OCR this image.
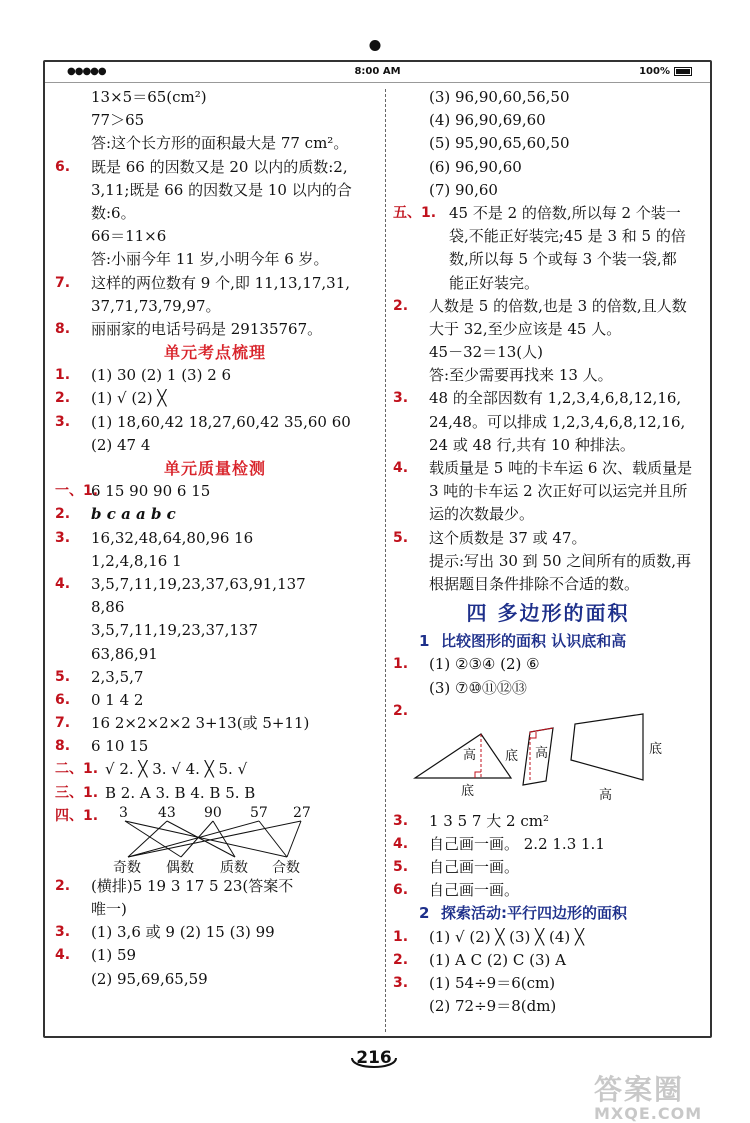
●●●●●	8:00 AM	100%
13×5＝65(cm²)
77＞65
答:这个长方形的面积最大是 77 cm²。
6. 既是 66 的因数又是 20 以内的质数:2,
3,11;既是 66 的因数又是 10 以内的合
数:6。
66＝11×6
答:小丽今年 11 岁,小明今年 6 岁。
7. 这样的两位数有 9 个,即 11,13,17,31,
37,71,73,79,97。
8. 丽丽家的电话号码是 29135767。
单元考点梳理
1. (1) 30 (2) 1 (3) 2 6
2. (1) √ (2) ╳
3. (1) 18,60,42 18,27,60,42 35,60 60
(2) 47 4
单元质量检测
一、1.
6 15 90 90 6 15
2. b c a a b c
3. 16,32,48,64,80,96 16
1,2,4,8,16 1
4. 3,5,7,11,19,23,37,63,91,137
8,86
3,5,7,11,19,23,37,137
63,86,91
5. 2,3,5,7
6. 0 1 4 2
7. 16 2×2×2×2 3+13(或 5+11)
8. 6 10 15
二、1. √ 2. ╳ 3. √ 4. ╳ 5. √
三、1. B 2. A 3. B 4. B 5. B
四、1. 3 43 90 57 27
奇数 偶数 质数 合数
2. (横排)5 19 3 17 5 23(答案不
唯一)
3. (1) 3,6 或 9 (2) 15 (3) 99
4. (1) 59
(2) 95,69,65,59
(3) 96,90,60,56,50
(4) 96,90,69,60
(5) 95,90,65,60,50
(6) 96,90,60
(7) 90,60
五、1. 45 不是 2 的倍数,所以每 2 个装一
袋,不能正好装完;45 是 3 和 5 的倍
数,所以每 5 个或每 3 个装一袋,都
能正好装完。
2. 人数是 5 的倍数,也是 3 的倍数,且人数
大于 32,至少应该是 45 人。
45－32＝13(人)
答:至少需要再找来 13 人。
3. 48 的全部因数有 1,2,3,4,6,8,12,16,
24,48。可以排成 1,2,3,4,6,8,12,16,
24 或 48 行,共有 10 种排法。
4. 载质量是 5 吨的卡车运 6 次、载质量是
3 吨的卡车运 2 次正好可以运完并且所
运的次数最少。
5. 这个质数是 37 或 47。
提示:写出 30 到 50 之间所有的质数,再
根据题目条件排除不合适的数。
四 多边形的面积
1 比较图形的面积 认识底和高
1. (1) ②③④ (2) ⑥
(3) ⑦⑩⑪⑫⑬
2.
高
底
底 高	底
高
3. 1 3 5 7 大 2 cm²
4. 自己画一画。 2.2 1.3 1.1
5. 自己画一画。
6. 自己画一画。
2 探索活动:平行四边形的面积
1. (1) √ (2) ╳ (3) ╳ (4) ╳
2. (1) A C (2) C (3) A
3. (1) 54÷9＝6(cm)
(2) 72÷9＝8(dm)
216
答案圈
MXQE.COM
